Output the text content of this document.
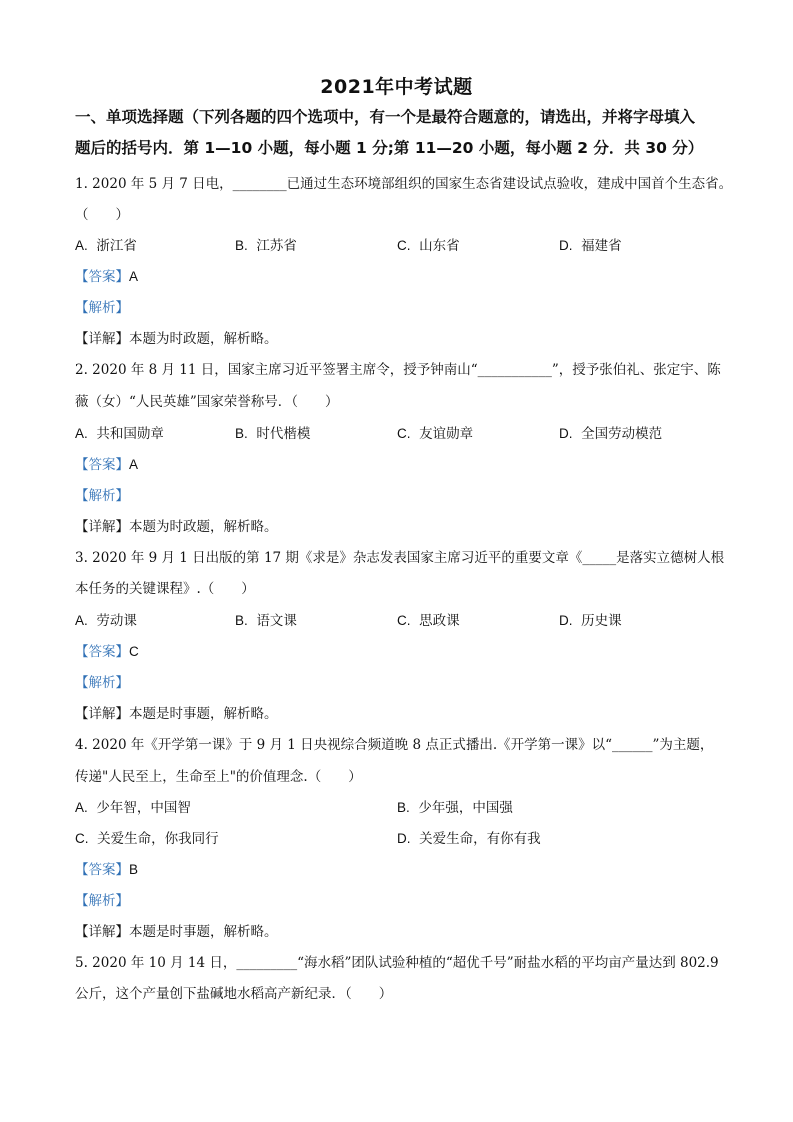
2021年中考试题
一、单项选择题（下列各题的四个选项中，有一个是最符合题意的，请选出，并将字母填入
题后的括号内．第 1—10 小题，每小题 1 分;第 11—20 小题，每小题 2 分．共 30 分）
1. 2020 年 5 月 7 日电，________已通过生态环境部组织的国家生态省建设试点验收，建成中国首个生态省。
（　　）
A. 浙江省	B. 江苏省	C. 山东省	D. 福建省
【答案】A
【解析】
【详解】本题为时政题，解析略。
2. 2020 年 8 月 11 日，国家主席习近平签署主席令，授予钟南山“___________”，授予张伯礼、张定宇、陈
薇（女）“人民英雄”国家荣誉称号．（　　）
A. 共和国勋章	B. 时代楷模	C. 友谊勋章	D. 全国劳动模范
【答案】A
【解析】
【详解】本题为时政题，解析略。
3. 2020 年 9 月 1 日出版的第 17 期《求是》杂志发表国家主席习近平的重要文章《_____是落实立德树人根
本任务的关键课程》.（　　）
A. 劳动课	B. 语文课	C. 思政课	D. 历史课
【答案】C
【解析】
【详解】本题是时事题，解析略。
4. 2020 年《开学第一课》于 9 月 1 日央视综合频道晚 8 点正式播出.《开学第一课》以“______”为主题，
传递"人民至上，生命至上"的价值理念.（　　）
A. 少年智，中国智	B. 少年强，中国强
C. 关爱生命，你我同行	D. 关爱生命，有你有我
【答案】B
【解析】
【详解】本题是时事题，解析略。
5. 2020 年 10 月 14 日，_________“海水稻”团队试验种植的“超优千号”耐盐水稻的平均亩产量达到 802.9
公斤，这个产量创下盐碱地水稻高产新纪录．（　　）
